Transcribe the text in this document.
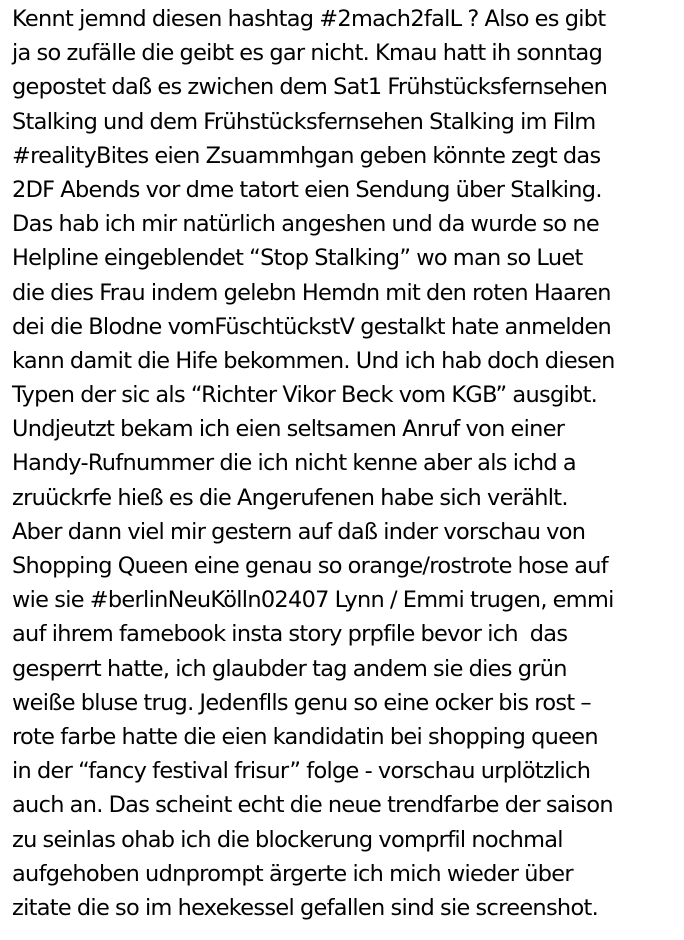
Kennt jemnd diesen hashtag #2mach2falL ? Also es gibt
ja so zufälle die geibt es gar nicht. Kmau hatt ih sonntag
gepostet daß es zwichen dem Sat1 Frühstücksfernsehen
Stalking und dem Frühstücksfernsehen Stalking im Film
#realityBites eien Zsuammhgan geben könnte zegt das
2DF Abends vor dme tatort eien Sendung über Stalking.
Das hab ich mir natürlich angeshen und da wurde so ne
Helpline eingeblendet “Stop Stalking” wo man so Luet
die dies Frau indem gelebn Hemdn mit den roten Haaren
dei die Blodne vomFüschtückstV gestalkt hate anmelden
kann damit die Hife bekommen. Und ich hab doch diesen
Typen der sic als “Richter Vikor Beck vom KGB” ausgibt.
Undjeutzt bekam ich eien seltsamen Anruf von einer
Handy-Rufnummer die ich nicht kenne aber als ichd a
zruückrfe hieß es die Angerufenen habe sich verählt.
Aber dann viel mir gestern auf daß inder vorschau von
Shopping Queen eine genau so orange/rostrote hose auf
wie sie #berlinNeuKölln02407 Lynn / Emmi trugen, emmi
auf ihrem famebook insta story prpfile bevor ich  das
gesperrt hatte, ich glaubder tag andem sie dies grün
weiße bluse trug. Jedenflls genu so eine ocker bis rost –
rote farbe hatte die eien kandidatin bei shopping queen
in der “fancy festival frisur” folge - vorschau urplötzlich
auch an. Das scheint echt die neue trendfarbe der saison
zu seinlas ohab ich die blockerung vomprfil nochmal
aufgehoben udnprompt ärgerte ich mich wieder über
zitate die so im hexekessel gefallen sind sie screenshot.
